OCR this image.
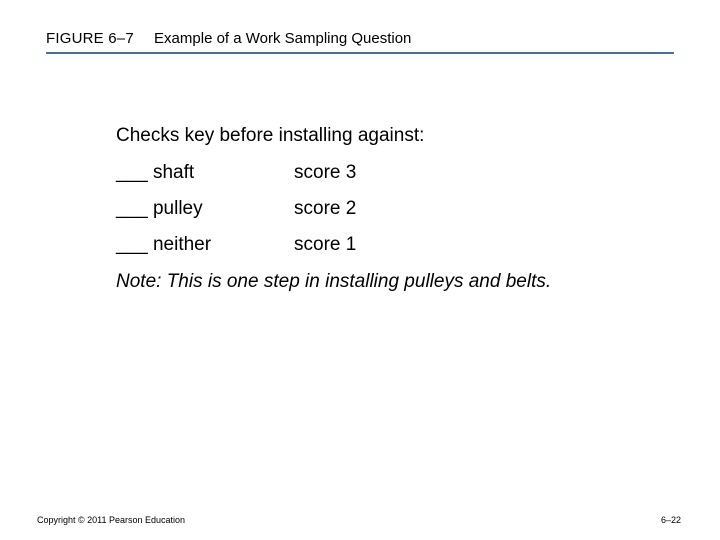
FIGURE 6–7 Example of a Work Sampling Question
Checks key before installing against:
___ shaft	score 3
___ pulley	score 2
___ neither	score 1
Note: This is one step in installing pulleys and belts.
Copyright © 2011 Pearson Education	6–22
